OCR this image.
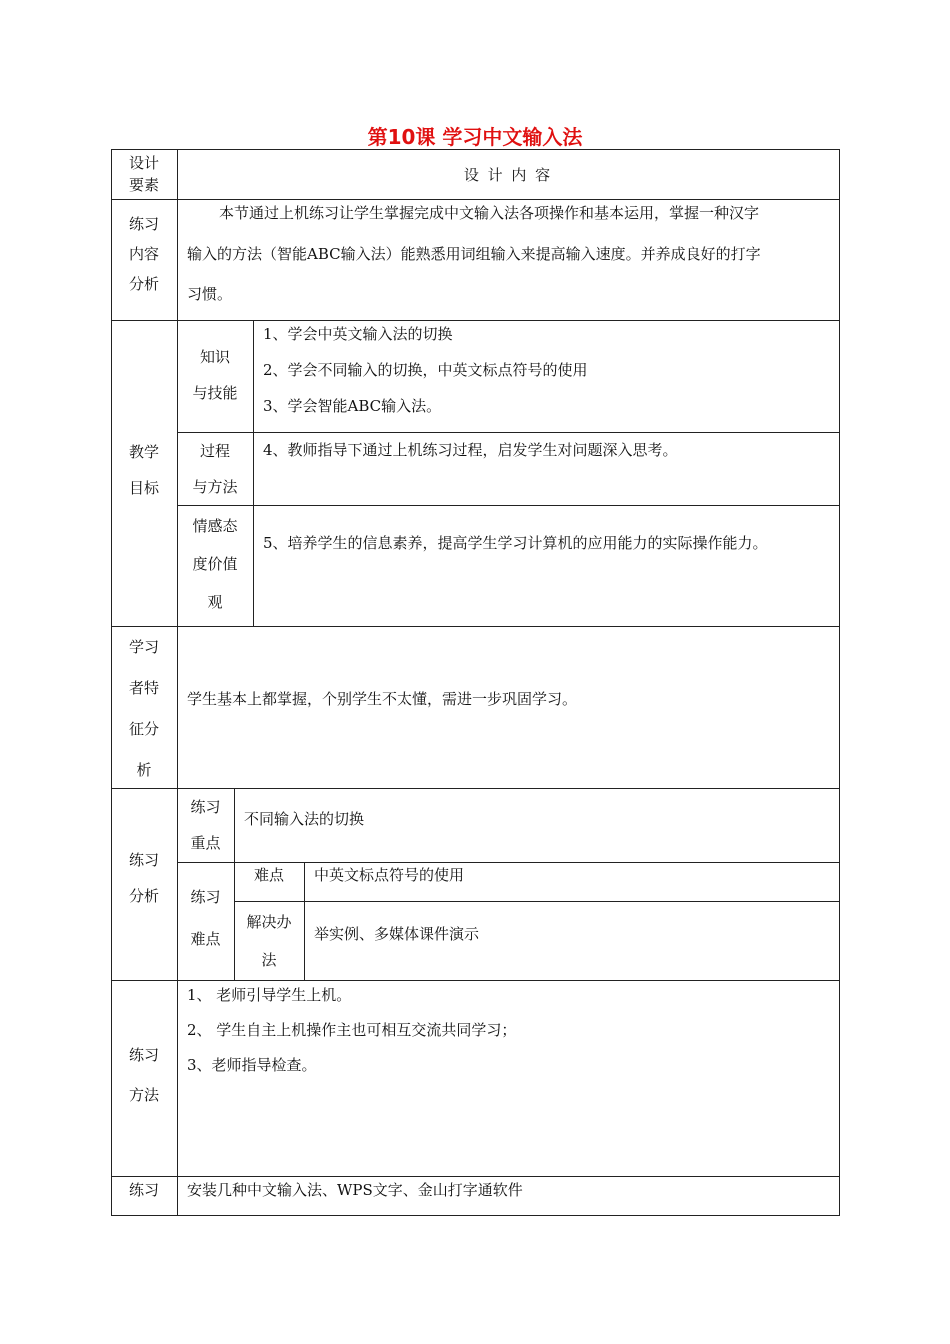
第10课 学习中文输入法
设计
要素
设 计 内 容
练习
内容
分析
本节通过上机练习让学生掌握完成中文输入法各项操作和基本运用，掌握一种汉字
输入的方法（智能ABC输入法）能熟悉用词组输入来提高输入速度。并养成良好的打字
习惯。
教学
目标
知识
与技能
1、学会中英文输入法的切换
2、学会不同输入的切换，中英文标点符号的使用
3、学会智能ABC输入法。
过程
与方法
4、教师指导下通过上机练习过程，启发学生对问题深入思考。
情感态
度价值
观
5、培养学生的信息素养，提高学生学习计算机的应用能力的实际操作能力。
学习
者特
征分
析
学生基本上都掌握，个别学生不太懂，需进一步巩固学习。
练习
分析
练习
重点
不同输入法的切换
练习
难点
难点	中英文标点符号的使用
解决办
法
举实例、多媒体课件演示
练习
方法
1、 老师引导学生上机。
2、 学生自主上机操作主也可相互交流共同学习；
3、老师指导检查。
练习	安装几种中文输入法、WPS文字、金山打字通软件
